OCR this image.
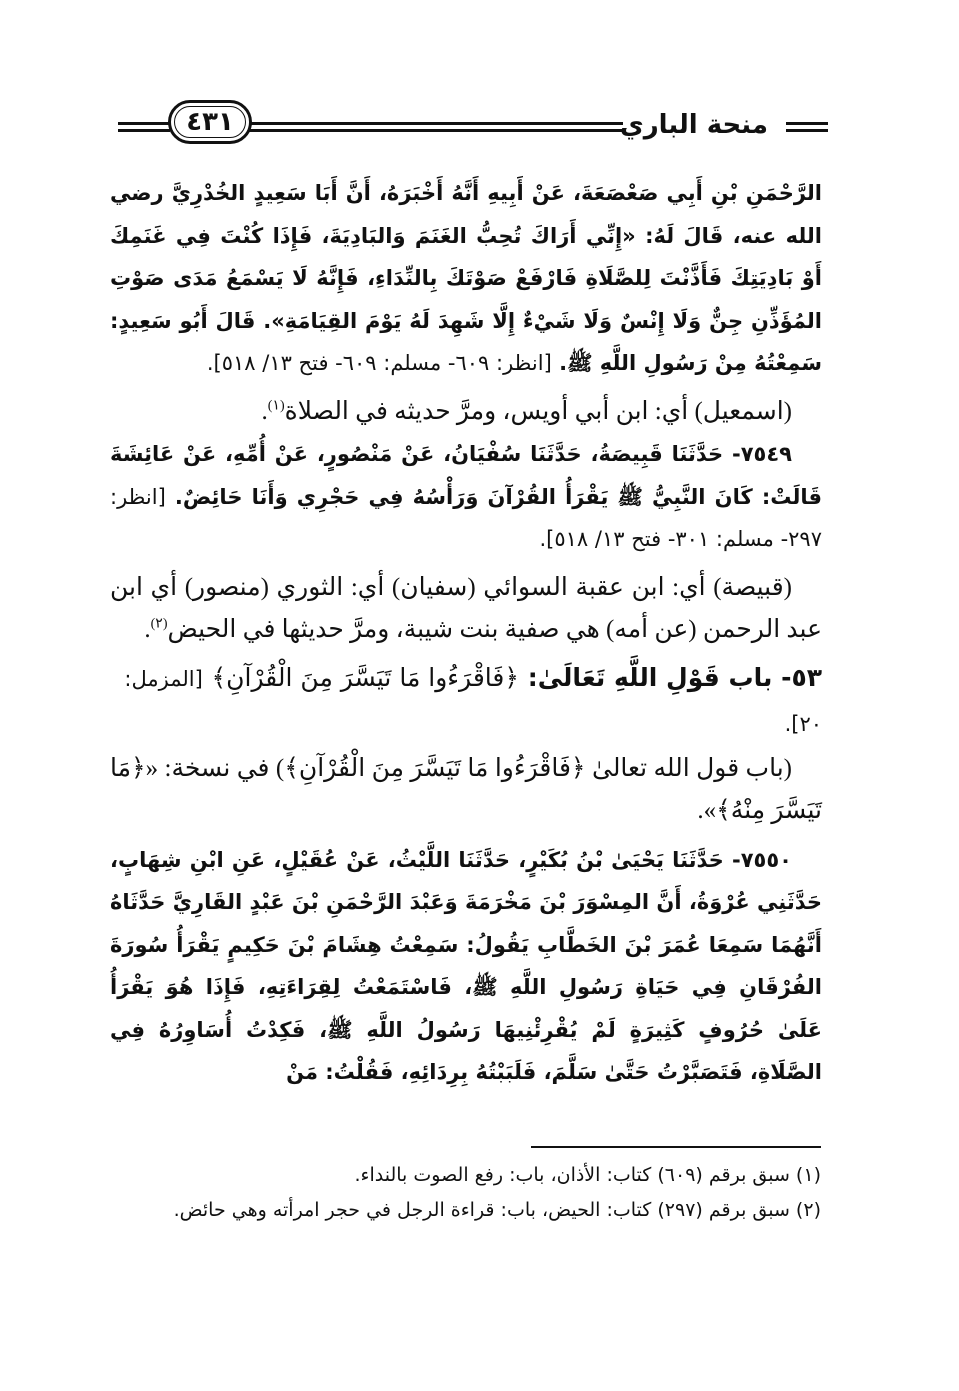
منحة الباري
٤٣١

الرَّحْمَنِ بْنِ أَبِي صَعْصَعَةَ، عَنْ أَبِيهِ أَنَّهُ أَخْبَرَهُ، أَنَّ أَبَا سَعِيدٍ الخُدْرِيَّ رضي الله عنه، قَالَ لَهُ: «إِنِّي أَرَاكَ تُحِبُّ الغَنَمَ وَالبَادِيَةَ، فَإِذَا كُنْتَ فِي غَنَمِكَ أَوْ بَادِيَتِكَ فَأَذَّنْتَ لِلصَّلَاةِ فَارْفَعْ صَوْتَكَ بِالنِّدَاءِ، فَإِنَّهُ لَا يَسْمَعُ مَدَى صَوْتِ المُؤَذِّنِ جِنٌّ وَلَا إِنْسٌ وَلَا شَيْءٌ إِلَّا شَهِدَ لَهُ يَوْمَ القِيَامَةِ». قَالَ أَبُو سَعِيدٍ: سَمِعْتُهُ مِنْ رَسُولِ اللَّهِ ﷺ. [انظر: ٦٠٩- مسلم: ٦٠٩- فتح ١٣/ ٥١٨].

(اسمعيل) أي: ابن أبي أويس، ومرَّ حديثه في الصلاة$^{(١)}$.

٧٥٤٩- حَدَّثَنَا قَبِيصَةُ، حَدَّثَنَا سُفْيَانُ، عَنْ مَنْصُورٍ، عَنْ أُمِّهِ، عَنْ عَائِشَةَ قَالَتْ: كَانَ النَّبِيُّ ﷺ يَقْرَأُ القُرْآنَ وَرَأْسُهُ فِي حَجْرِي وَأَنَا حَائِضٌ. [انظر: ٢٩٧- مسلم: ٣٠١- فتح ١٣/ ٥١٨].

(قبيصة) أي: ابن عقبة السوائي (سفيان) أي: الثوري (منصور) أي ابن عبد الرحمن (عن أمه) هي صفية بنت شيبة، ومرَّ حديثها في الحيض$^{(٢)}$.

٥٣- باب قَوْلِ اللَّهِ تَعَالَىٰ: ﴿فَاقْرَءُوا مَا تَيَسَّرَ مِنَ الْقُرْآنِ﴾ [المزمل: ٢٠].

(باب قول الله تعالىٰ ﴿فَاقْرَءُوا مَا تَيَسَّرَ مِنَ الْقُرْآنِ﴾) في نسخة: «﴿مَا تَيَسَّرَ مِنْهُ﴾».

٧٥٥٠- حَدَّثَنَا يَحْيَىٰ بْنُ بُكَيْرٍ، حَدَّثَنَا اللَّيْثُ، عَنْ عُقَيْلٍ، عَنِ ابْنِ شِهَابٍ، حَدَّثَنِي عُرْوَةُ، أَنَّ المِسْوَرَ بْنَ مَخْرَمَةَ وَعَبْدَ الرَّحْمَنِ بْنَ عَبْدٍ القَارِيَّ حَدَّثَاهُ أَنَّهُمَا سَمِعَا عُمَرَ بْنَ الخَطَّابِ يَقُولُ: سَمِعْتُ هِشَامَ بْنَ حَكِيمٍ يَقْرَأُ سُورَةَ الفُرْقَانِ فِي حَيَاةِ رَسُولِ اللَّهِ ﷺ، فَاسْتَمَعْتُ لِقِرَاءَتِهِ، فَإِذَا هُوَ يَقْرَأُ عَلَىٰ حُرُوفٍ كَثِيرَةٍ لَمْ يُقْرِئْنِيهَا رَسُولُ اللَّهِ ﷺ، فَكِدْتُ أُسَاوِرُهُ فِي الصَّلَاةِ، فَتَصَبَّرْتُ حَتَّىٰ سَلَّمَ، فَلَبَبْتُهُ بِرِدَائِهِ، فَقُلْتُ: مَنْ

(١) سبق برقم (٦٠٩) كتاب: الأذان، باب: رفع الصوت بالنداء.

(٢) سبق برقم (٢٩٧) كتاب: الحيض، باب: قراءة الرجل في حجر امرأته وهي حائض.
